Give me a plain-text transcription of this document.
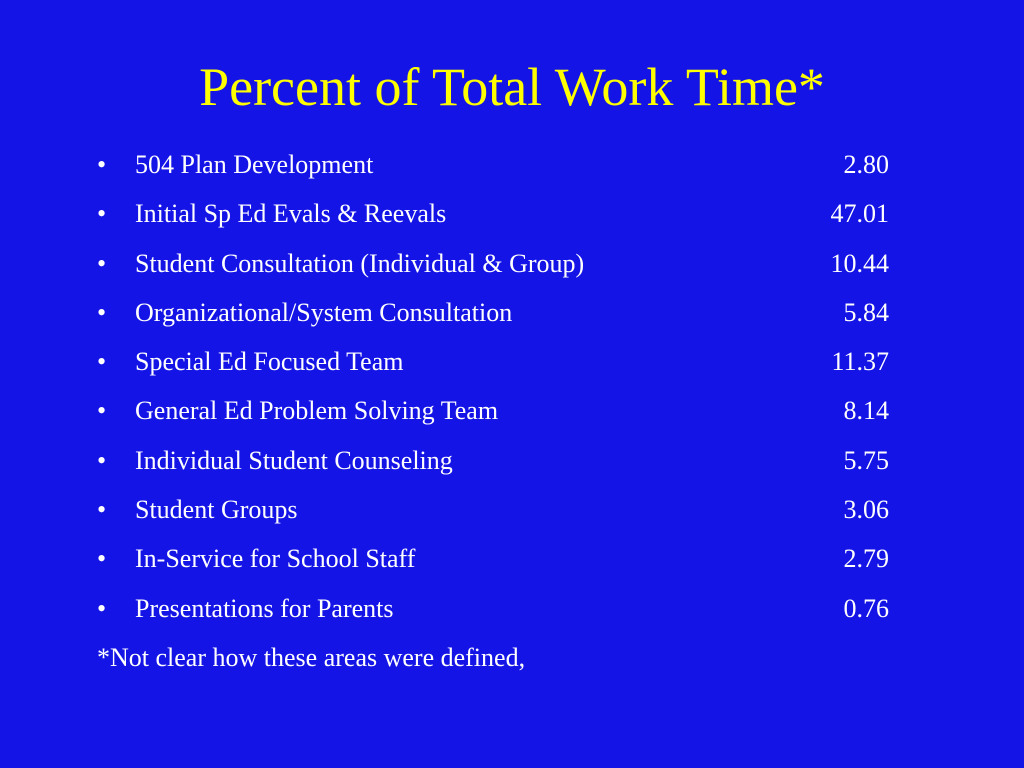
Percent of Total Work Time*
•	504 Plan Development	2.80
•	Initial Sp Ed Evals & Reevals	47.01
•	Student Consultation (Individual & Group)	10.44
•	Organizational/System Consultation	5.84
•	Special Ed Focused Team	11.37
•	General Ed Problem Solving Team	8.14
•	Individual Student Counseling	5.75
•	Student Groups	3.06
•	In-Service for School Staff	2.79
•	Presentations for Parents	0.76

*Not clear how these areas were defined,
